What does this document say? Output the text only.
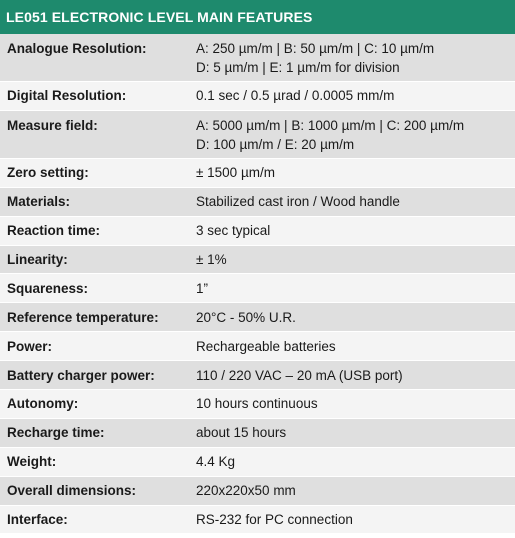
LE051 ELECTRONIC LEVEL MAIN FEATURES
Analogue Resolution:	A: 250 µm/m | B: 50 µm/m | C: 10 µm/m
D: 5 µm/m | E: 1 µm/m for division
Digital Resolution:	0.1 sec / 0.5 µrad / 0.0005 mm/m
Measure field:	A: 5000 µm/m | B: 1000 µm/m | C: 200 µm/m
D: 100 µm/m / E: 20 µm/m
Zero setting:	± 1500 µm/m
Materials:	Stabilized cast iron / Wood handle
Reaction time:	3 sec typical
Linearity:	± 1%
Squareness:	1”
Reference temperature:	20°C - 50% U.R.
Power:	Rechargeable batteries
Battery charger power:	110 / 220 VAC – 20 mA (USB port)
Autonomy:	10 hours continuous
Recharge time:	about 15 hours
Weight:	4.4 Kg
Overall dimensions:	220x220x50 mm
Interface:	RS-232 for PC connection
